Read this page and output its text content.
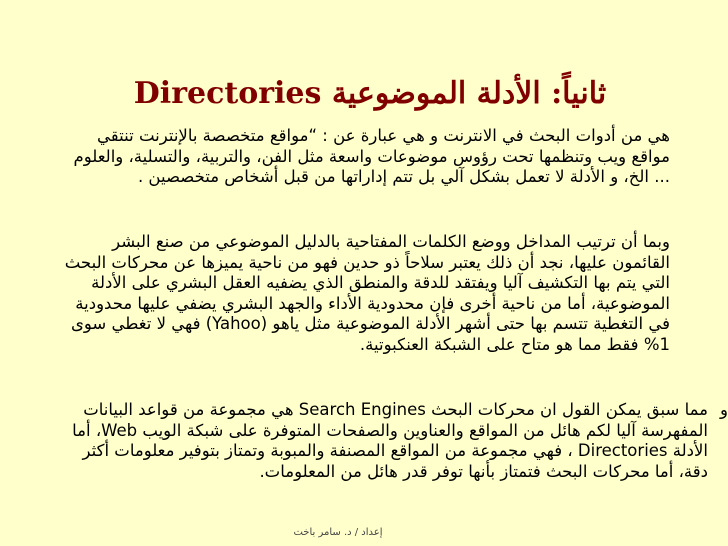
ثانياً: الأدلة الموضوعية Directories
هي من أدوات البحث في الانترنت و هي عبارة عن : “مواقع متخصصة بالإنترنت تنتقي مواقع ويب وتنظمها تحت رؤوس موضوعات واسعة مثل الفن، والتربية، والتسلية، والعلوم ... الخ، و الأدلة لا تعمل بشكل آلي بل تتم إداراتها من قبل أشخاص متخصصين .
وبما أن ترتيب المداخل ووضع الكلمات المفتاحية بالدليل الموضوعي من صنع البشر القائمون عليها، نجد أن ذلك يعتبر سلاحاً ذو حدين فهو من ناحية يميزها عن محركات البحث التي يتم بها التكشيف آليا ويفتقد للدقة والمنطق الذي يضفيه العقل البشري على الأدلة الموضوعية، أما من ناحية أخرى فإن محدودية الأداء والجهد البشري يضفي عليها محدودية في التغطية تتسم بها حتى أشهر الأدلة الموضوعية مثل ياهو (Yahoo) فهي لا تغطي سوى 1% فقط مما هو متاح على الشبكة العنكبوتية.
و
مما سبق يمكن القول ان محركات البحث Search Engines هي مجموعة من قواعد البيانات المفهرسة آليا لكم هائل من المواقع والعناوين والصفحات المتوفرة على شبكة الويب Web، أما الأدلة Directories ، فهي مجموعة من المواقع المصنفة والمبوبة وتمتاز بتوفير معلومات أكثر دقة، أما محركات البحث فتمتاز بأنها توفر قدر هائل من المعلومات.
إعداد / د. سامر باخت
